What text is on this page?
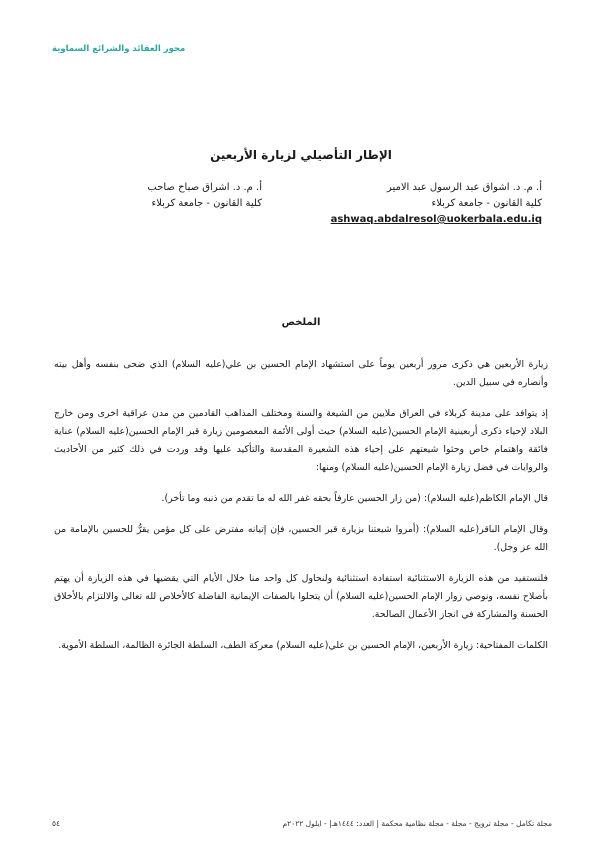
محور العقائد والشرائع السماوية
الإطار التأصيلي لزيارة الأربعين
أ. م. د. اشواق عبد الرسول عبد الامير
كلية القانون - جامعة كربلاء
ashwaq.abdalresol@uokerbala.edu.iq
أ. م. د. اشراق صباح صاحب
كلية القانون - جامعة كربلاء
الملخص

زيارة الأربعين هي ذكرى مرور أربعين يوماً على استشهاد الإمام الحسين بن علي(عليه السلام) الذي ضحى بنفسه وأهل بيته وأنصاره في سبيل الدين.

إذ يتوافد على مدينة كربلاء في العراق ملايين من الشيعة والسنة ومختلف المذاهب القادمين من مدن عراقية اخرى ومن خارج البلاد لإحياء ذكرى أربعينية الإمام الحسين(عليه السلام) حيث أولى الأئمة المعصومين زيارة قبر الإمام الحسين(عليه السلام) عناية فائقة واهتمام خاص وحثوا شيعتهم على إحياء هذه الشعيرة المقدسة والتأكيد عليها وقد وردت في ذلك كثير من الأحاديث والروايات في فضل زيارة الإمام الحسين(عليه السلام) ومنها:

قال الإمام الكاظم(عليه السلام): (من زار الحسين عارفاً بحقه غفر الله له ما تقدم من ذنبه وما تأخر).

وقال الإمام الباقر(عليه السلام): (أمروا شيعتنا بزيارة قبر الحسين، فإن إتيانه مفترض على كل مؤمن يقرُّ للحسين بالإمامة من الله عز وجل).

فلنستفيد من هذه الزيارة الاستثنائية استفادة استثنائية ولنحاول كل واحد منا خلال الأيام التي يقضيها في هذه الزيارة أن يهتم بأصلاح نفسه، ونوصي زوار الإمام الحسين(عليه السلام) أن يتحلوا بالصفات الإيمانية الفاضلة كالأخلاص لله تعالى والالتزام بالأخلاق الحسنة والمشاركة في انجاز الأعمال الصالحة.

الكلمات المفتاحية: زيارة الأربعين، الإمام الحسين بن علي(عليه السلام) معركة الطف، السلطة الجائرة الظالمة، السلطة الأموية.

مجلة تكامل - مجلة ترويج - مجلة - مجلة نظامية محكمة | العدد: ١٤٤٤هـ| - ايلول ٢٠٢٢م
٥٤
